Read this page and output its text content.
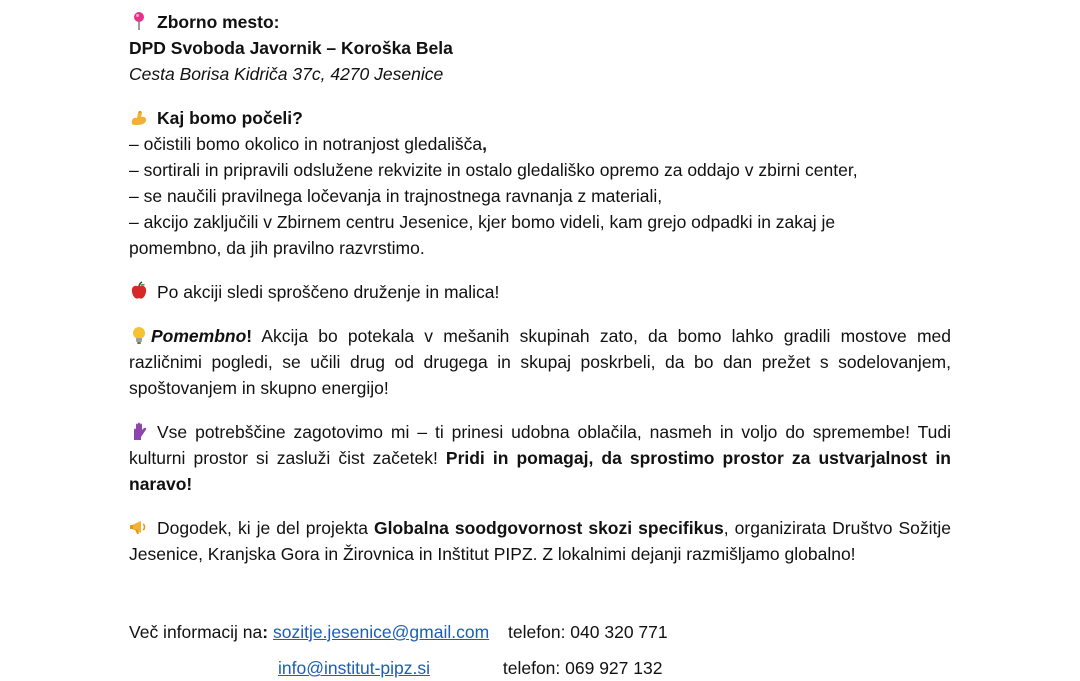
Zborno mesto:

DPD Svoboda Javornik – Koroška Bela

Cesta Borisa Kidriča 37c, 4270 Jesenice

Kaj bomo počeli?

– očistili bomo okolico in notranjost gledališča,

– sortirali in pripravili odslužene rekvizite in ostalo gledališko opremo za oddajo v zbirni center,

– se naučili pravilnega ločevanja in trajnostnega ravnanja z materiali,

– akcijo zaključili v Zbirnem centru Jesenice, kjer bomo videli, kam grejo odpadki in zakaj je

pomembno, da jih pravilno razvrstimo.

Po akciji sledi sproščeno druženje in malica!

Pomembno! Akcija bo potekala v mešanih skupinah zato, da bomo lahko gradili mostove med različnimi pogledi, se učili drug od drugega in skupaj poskrbeli, da bo dan prežet s sodelovanjem, spoštovanjem in skupno energijo!

Vse potrebščine zagotovimo mi – ti prinesi udobna oblačila, nasmeh in voljo do spremembe! Tudi kulturni prostor si zasluži čist začetek! Pridi in pomagaj, da sprostimo prostor za ustvarjalnost in naravo!

Dogodek, ki je del projekta Globalna soodgovornost skozi specifikus, organizirata Društvo Sožitje Jesenice, Kranjska Gora in Žirovnica in Inštitut PIPZ. Z lokalnimi dejanji razmišljamo globalno!

Več informacij na: sozitje.jesenice@gmail.com telefon: 040 320 771

info@institut-pipz.si	telefon: 069 927 132
